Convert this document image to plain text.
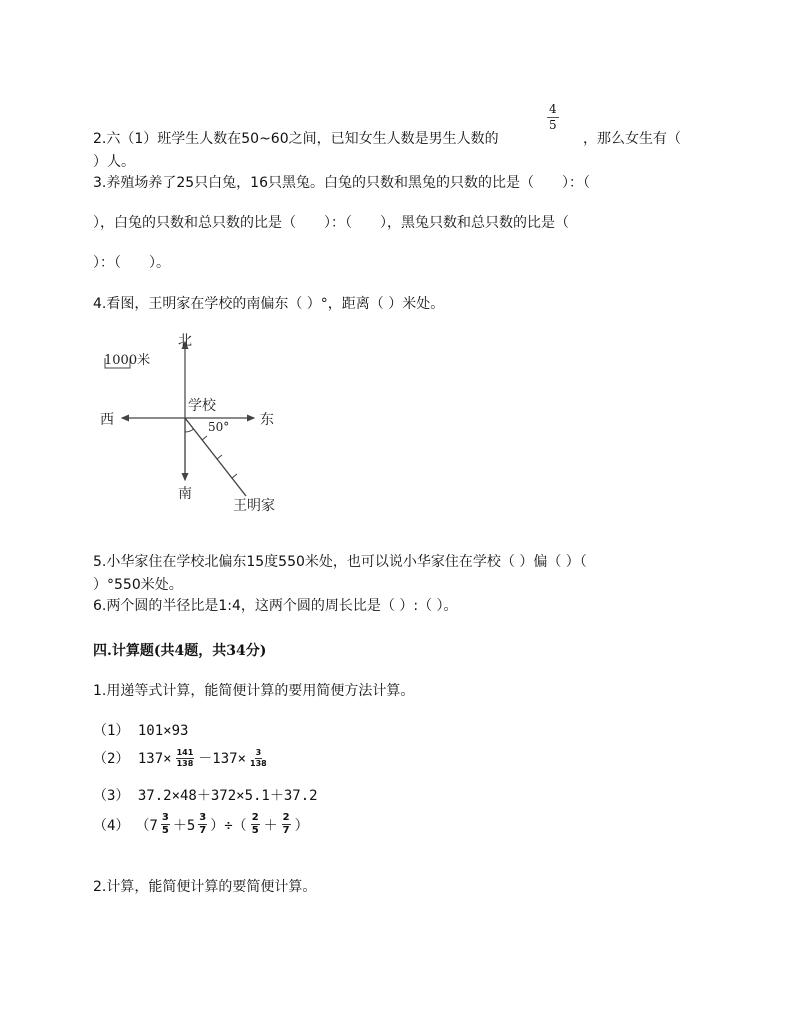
2.六（1）班学生人数在50~60之间，已知女生人数是男生人数的
$\frac{4}{5}$
，那么女生有（
）人。
3.养殖场养了25只白兔，16只黑兔。白兔的只数和黑兔的只数的比是（　　）：（
），白兔的只数和总只数的比是（　　）：（　　），黑兔只数和总只数的比是（
）：（　　）。
4.看图，王明家在学校的南偏东（ ）°，距离（ ）米处。
1000米
北
南
西	东
学校
50°
王明家
5.小华家住在学校北偏东15度550米处，也可以说小华家住在学校（ ）偏（ ）（
）°550米处。
6.两个圆的半径比是1:4，这两个圆的周长比是（ ）:（ ）。
四.计算题(共4题，共34分)
1.用递等式计算，能简便计算的要用简便方法计算。
（1） 101×93
（2） $137\times \frac{141}{138} -137\times \frac{3}{138}$
（3） 37.2×48＋372×5.1＋37.2
（4） （$7 \frac{3}{5} +5 \frac{3}{7}$ ）÷（ $\frac{2}{5} + \frac{2}{7}$ ）
2.计算，能简便计算的要简便计算。
